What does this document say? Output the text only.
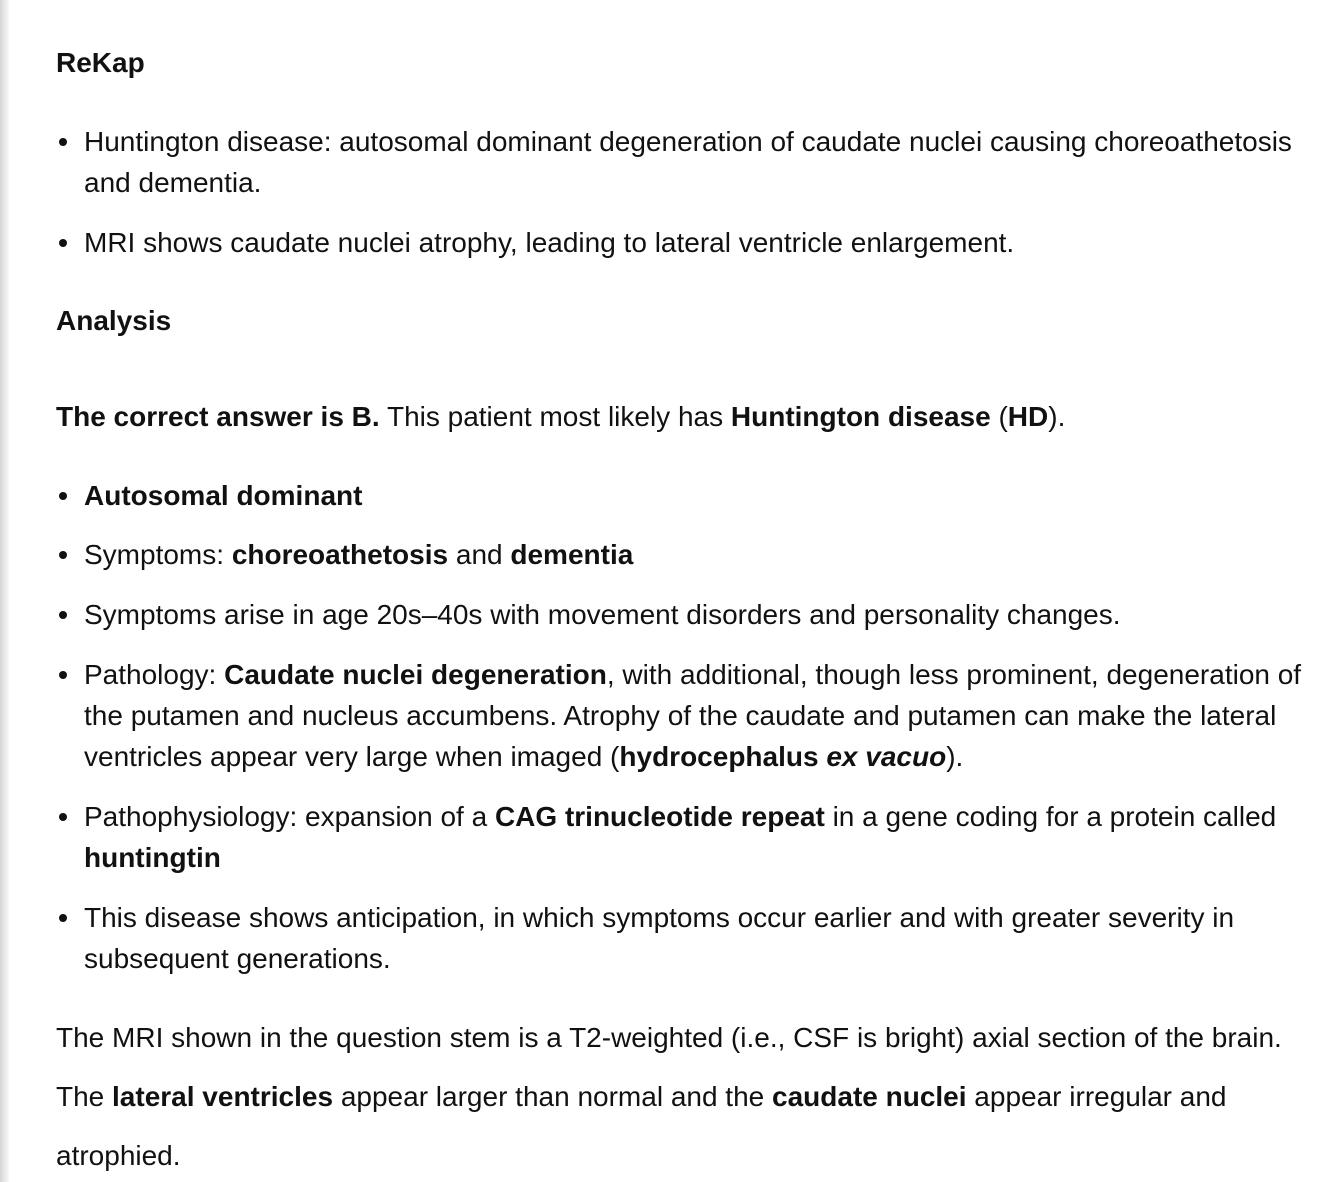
ReKap
Huntington disease: autosomal dominant degeneration of caudate nuclei causing choreoathetosis and dementia.
MRI shows caudate nuclei atrophy, leading to lateral ventricle enlargement.
Analysis

The correct answer is B. This patient most likely has Huntington disease (HD).

Autosomal dominant
Symptoms: choreoathetosis and dementia
Symptoms arise in age 20s–40s with movement disorders and personality changes.
Pathology: Caudate nuclei degeneration, with additional, though less prominent, degeneration of the putamen and nucleus accumbens. Atrophy of the caudate and putamen can make the lateral ventricles appear very large when imaged (hydrocephalus ex vacuo).
Pathophysiology: expansion of a CAG trinucleotide repeat in a gene coding for a protein called huntingtin
This disease shows anticipation, in which symptoms occur earlier and with greater severity in subsequent generations.

The MRI shown in the question stem is a T2-weighted (i.e., CSF is bright) axial section of the brain. The lateral ventricles appear larger than normal and the caudate nuclei appear irregular and atrophied.
